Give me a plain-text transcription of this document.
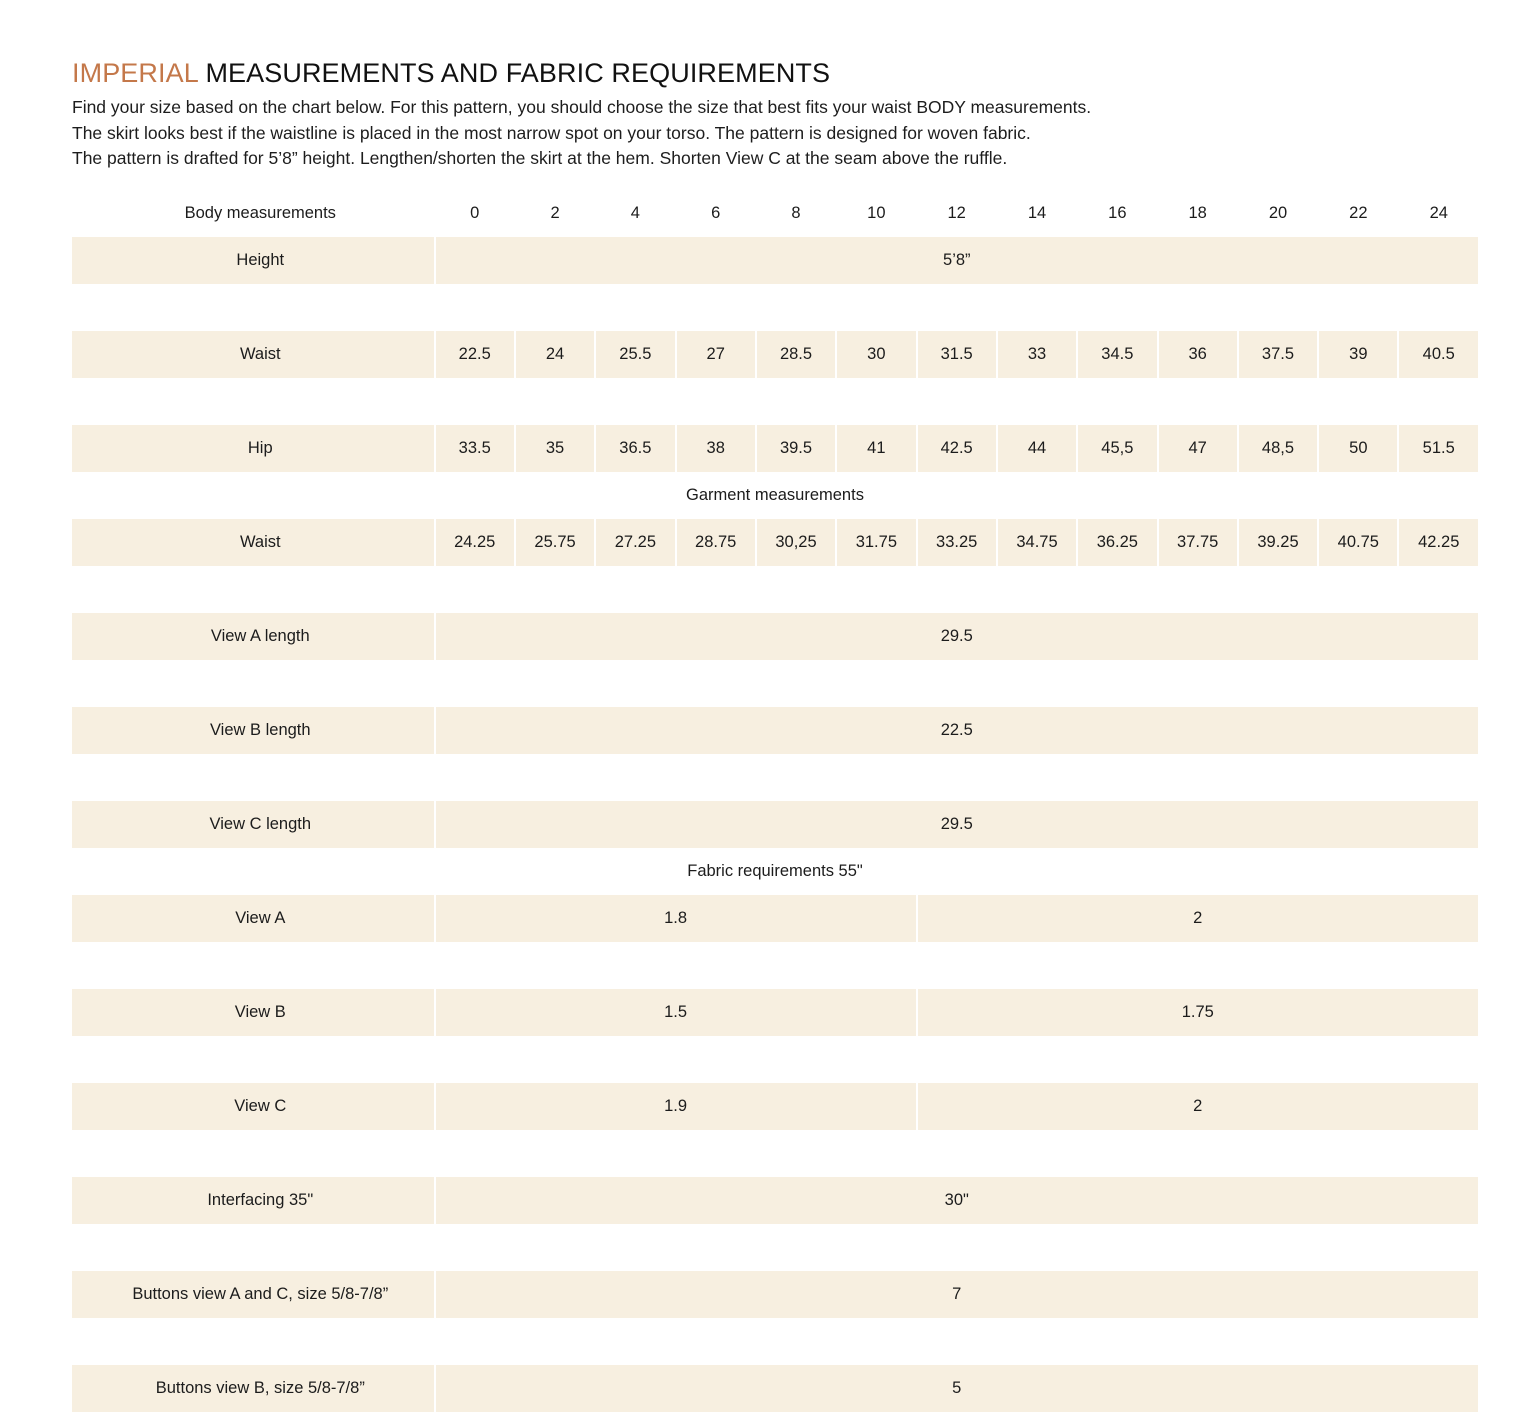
IMPERIAL MEASUREMENTS AND FABRIC REQUIREMENTS
Find your size based on the chart below. For this pattern, you should choose the size that best fits your waist BODY measurements.
The skirt looks best if the waistline is placed in the most narrow spot on your torso. The pattern is designed for woven fabric.
The pattern is drafted for 5’8” height. Lengthen/shorten the skirt at the hem. Shorten View C at the seam above the ruffle.
Body measurements	0	2	4	6	8	10	12	14	16	18	20	22	24
Height	5’8”												

Waist	22.5	24	25.5	27	28.5	30	31.5	33	34.5	36	37.5	39	40.5

Hip	33.5	35	36.5	38	39.5	41	42.5	44	45,5	47	48,5	50	51.5
Garment measurements													
Waist	24.25	25.75	27.25	28.75	30,25	31.75	33.25	34.75	36.25	37.75	39.25	40.75	42.25

View A length	29.5												

View B length	22.5												

View C length	29.5												
Fabric requirements 55"													
View A	1.8						2						

View B	1.5						1.75						

View C	1.9						2						

Interfacing 35"	30"												

Buttons view A and C, size 5/8-7/8”	7												

Buttons view B, size 5/8-7/8”	5												
